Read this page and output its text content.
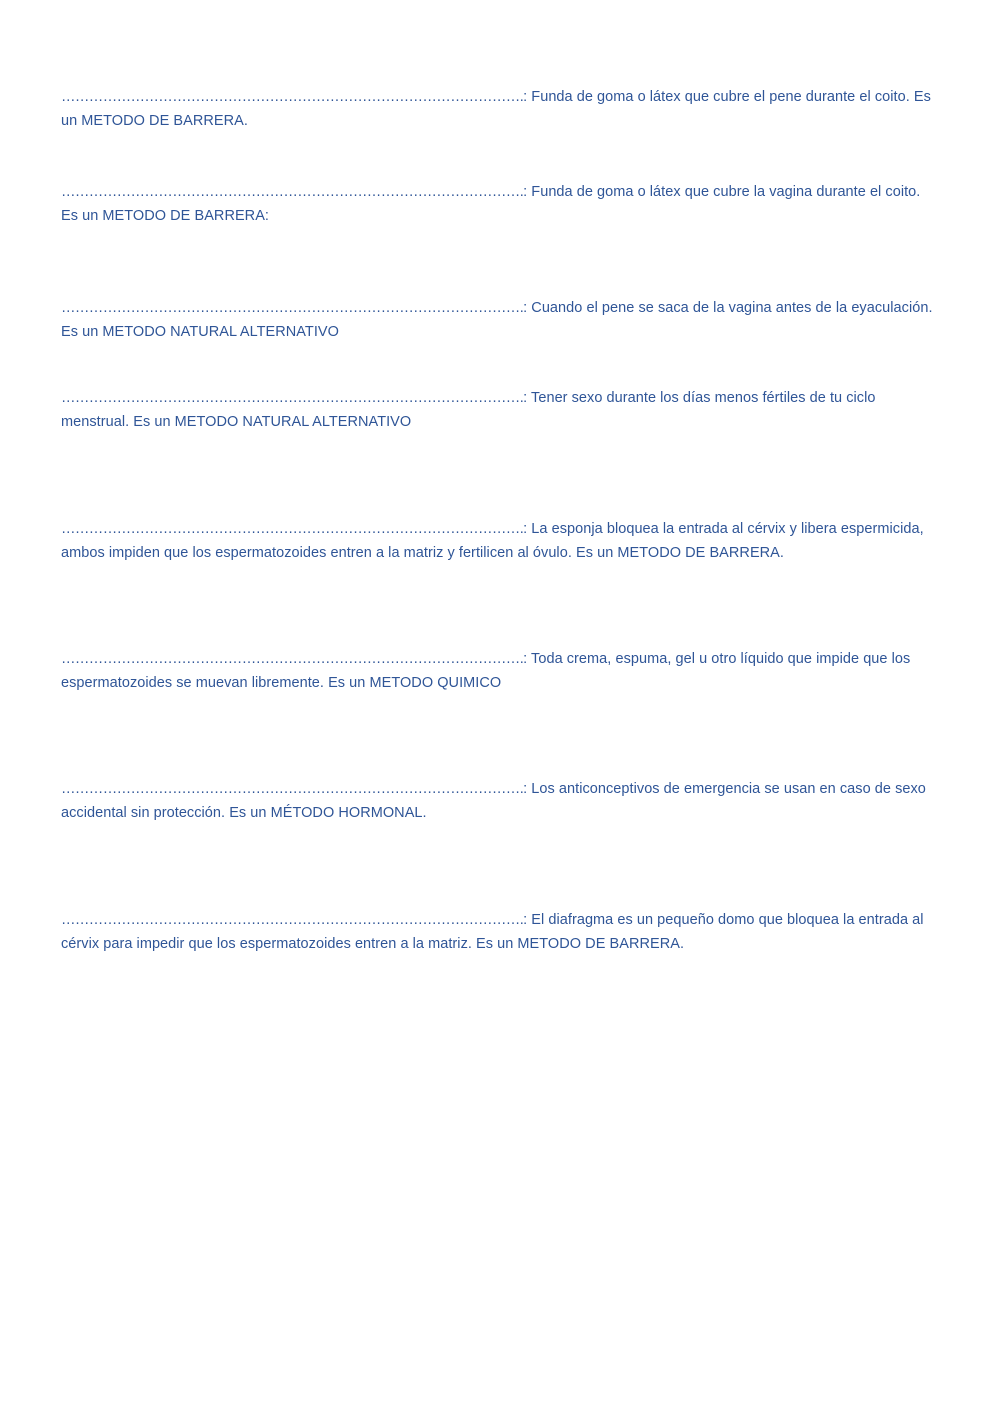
……………………………………………………………………………………….
: Funda de goma o látex que cubre el pene durante el coito. Es un METODO DE BARRERA.

……………………………………………………………………………………….
: Funda de goma o látex que cubre la vagina durante el coito. Es un METODO DE BARRERA:

……………………………………………………………………………………….
: Cuando el pene se saca de la vagina antes de la eyaculación. Es un METODO NATURAL ALTERNATIVO

……………………………………………………………………………………….
: Tener sexo durante los días menos fértiles de tu ciclo menstrual. Es un METODO NATURAL ALTERNATIVO

……………………………………………………………………………………….
: La esponja bloquea la entrada al cérvix y libera espermicida, ambos impiden que los espermatozoides entren a la matriz y fertilicen al óvulo. Es un METODO DE BARRERA.

……………………………………………………………………………………….
: Toda crema, espuma, gel u otro líquido que impide que los espermatozoides se muevan libremente. Es un METODO QUIMICO

……………………………………………………………………………………….
: Los anticonceptivos de emergencia se usan en caso de sexo accidental sin protección. Es un MÉTODO HORMONAL.

……………………………………………………………………………………….
: El diafragma es un pequeño domo que bloquea la entrada al cérvix para impedir que los espermatozoides entren a la matriz. Es un METODO DE BARRERA.
